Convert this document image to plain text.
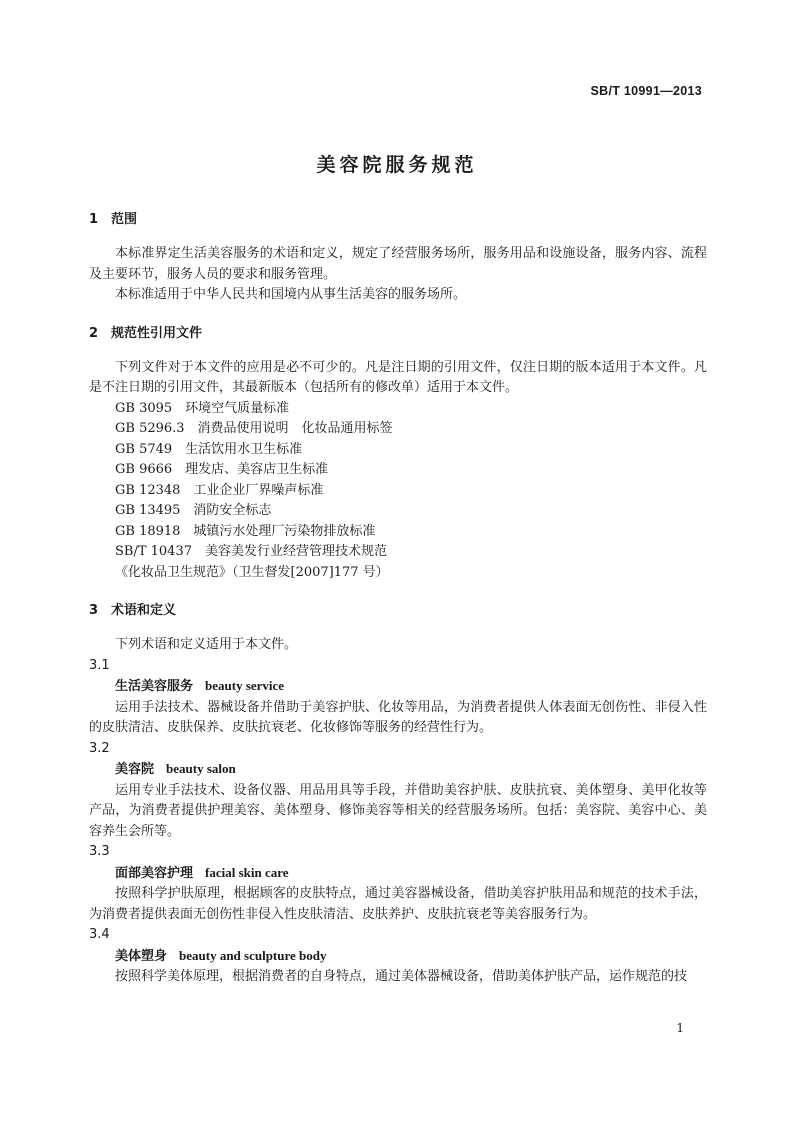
SB/T 10991—2013
美容院服务规范
1 范围
本标准界定生活美容服务的术语和定义，规定了经营服务场所，服务用品和设施设备，服务内容、流程及主要环节，服务人员的要求和服务管理。
本标准适用于中华人民共和国境内从事生活美容的服务场所。
2 规范性引用文件
下列文件对于本文件的应用是必不可少的。凡是注日期的引用文件，仅注日期的版本适用于本文件。凡是不注日期的引用文件，其最新版本（包括所有的修改单）适用于本文件。
GB 3095　环境空气质量标准
GB 5296.3　消费品使用说明　化妆品通用标签
GB 5749　生活饮用水卫生标准
GB 9666　理发店、美容店卫生标准
GB 12348　工业企业厂界噪声标准
GB 13495　消防安全标志
GB 18918　城镇污水处理厂污染物排放标准
SB/T 10437　美容美发行业经营管理技术规范
《化妆品卫生规范》（卫生督发[2007]177 号）
3 术语和定义
下列术语和定义适用于本文件。
3.1
生活美容服务 beauty service
运用手法技术、器械设备并借助于美容护肤、化妆等用品，为消费者提供人体表面无创伤性、非侵入性的皮肤清洁、皮肤保养、皮肤抗衰老、化妆修饰等服务的经营性行为。
3.2
美容院 beauty salon
运用专业手法技术、设备仪器、用品用具等手段，并借助美容护肤、皮肤抗衰、美体塑身、美甲化妆等产品，为消费者提供护理美容、美体塑身、修饰美容等相关的经营服务场所。包括：美容院、美容中心、美容养生会所等。
3.3
面部美容护理 facial skin care
按照科学护肤原理，根据顾客的皮肤特点，通过美容器械设备，借助美容护肤用品和规范的技术手法，为消费者提供表面无创伤性非侵入性皮肤清洁、皮肤养护、皮肤抗衰老等美容服务行为。
3.4
美体塑身 beauty and sculpture body
按照科学美体原理，根据消费者的自身特点，通过美体器械设备，借助美体护肤产品，运作规范的技
1
